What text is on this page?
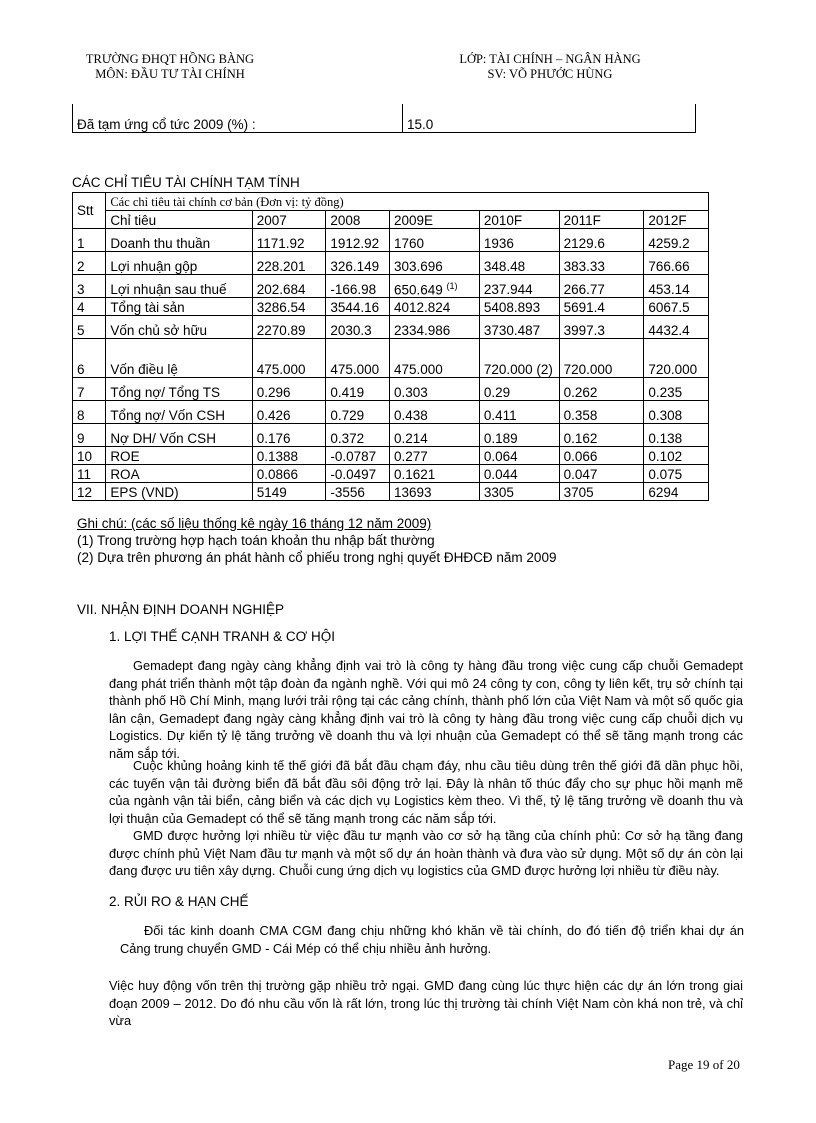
TRƯỜNG ĐHQT HỒNG BÀNG
MÔN: ĐẦU TƯ TÀI CHÍNH
LỚP: TÀI CHÍNH – NGÂN HÀNG
SV: VÕ PHƯỚC HÙNG
Đã tạm ứng cổ tức 2009 (%) :	15.0
CÁC CHỈ TIÊU TÀI CHÍNH TẠM TÍNH
Stt	Các chỉ tiêu tài chính cơ bản (Đơn vị: tỷ đồng)						
	Chỉ tiêu	2007	2008	2009E	2010F	2011F	2012F
1	Doanh thu thuần	1171.92	1912.92	1760	1936	2129.6	4259.2
2	Lợi nhuận gộp	228.201	326.149	303.696	348.48	383.33	766.66
3	Lợi nhuận sau thuế	202.684	-166.98	650.649 $^{(1)}$	237.944	266.77	453.14
4	Tổng tài sản	3286.54	3544.16	4012.824	5408.893	5691.4	6067.5
5	Vốn chủ sở hữu	2270.89	2030.3	2334.986	3730.487	3997.3	4432.4
6	Vốn điều lệ	475.000	475.000	475.000	720.000 (2)	720.000	720.000
7	Tổng nợ/ Tổng TS	0.296	0.419	0.303	0.29	0.262	0.235
8	Tổng nợ/ Vốn CSH	0.426	0.729	0.438	0.411	0.358	0.308
9	Nợ DH/ Vốn CSH	0.176	0.372	0.214	0.189	0.162	0.138
10	ROE	0.1388	-0.0787	0.277	0.064	0.066	0.102
11	ROA	0.0866	-0.0497	0.1621	0.044	0.047	0.075
12	EPS (VND)	5149	-3556	13693	3305	3705	6294
Ghi chú: (các số liệu thống kê ngày 16 tháng 12 năm 2009)
(1) Trong trường hợp hạch toán khoản thu nhập bất thường
(2) Dựa trên phương án phát hành cổ phiếu trong nghị quyết ĐHĐCĐ năm 2009
VII. NHẬN ĐỊNH DOANH NGHIỆP
1. LỢI THẾ CẠNH TRANH & CƠ HỘI
Gemadept đang ngày càng khẳng định vai trò là công ty hàng đầu trong việc cung cấp chuỗi Gemadept đang phát triển thành một tập đoàn đa ngành nghề. Với qui mô 24 công ty con, công ty liên kết, trụ sở chính tại thành phố Hồ Chí Minh, mạng lưới trải rộng tại các cảng chính, thành phố lớn của Việt Nam và một số quốc gia lân cận, Gemadept đang ngày càng khẳng định vai trò là công ty hàng đầu trong việc cung cấp chuỗi dịch vụ Logistics. Dự kiến tỷ lệ tăng trưởng về doanh thu và lợi nhuận của Gemadept có thể sẽ tăng mạnh trong các năm sắp tới.
Cuộc khủng hoảng kinh tế thế giới đã bắt đầu chạm đáy, nhu cầu tiêu dùng trên thế giới đã dần phục hồi, các tuyến vận tải đường biển đã bắt đầu sôi động trở lại. Đây là nhân tố thúc đẩy cho sự phục hồi mạnh mẽ của ngành vận tải biển, cảng biển và các dịch vụ Logistics kèm theo. Vì thế, tỷ lệ tăng trưởng về doanh thu và lợi thuận của Gemadept có thể sẽ tăng mạnh trong các năm sắp tới.
GMD được hưởng lợi nhiều từ việc đầu tư mạnh vào cơ sở hạ tầng của chính phủ: Cơ sở hạ tầng đang được chính phủ Việt Nam đầu tư mạnh và một số dự án hoàn thành và đưa vào sử dụng. Một số dự án còn lại đang được ưu tiên xây dựng. Chuỗi cung ứng dịch vụ logistics của GMD được hưởng lợi nhiều từ điều này.
2. RỦI RO & HẠN CHẾ
Đối tác kinh doanh CMA CGM đang chịu những khó khăn về tài chính, do đó tiến độ triển khai dự án Cảng trung chuyển GMD - Cái Mép có thể chịu nhiều ảnh hưởng.
Việc huy động vốn trên thị trường gặp nhiều trở ngại. GMD đang cùng lúc thực hiện các dự án lớn trong giai đoạn 2009 – 2012. Do đó nhu cầu vốn là rất lớn, trong lúc thị trường tài chính Việt Nam còn khá non trẻ, và chỉ vừa
Page 19 of 20
